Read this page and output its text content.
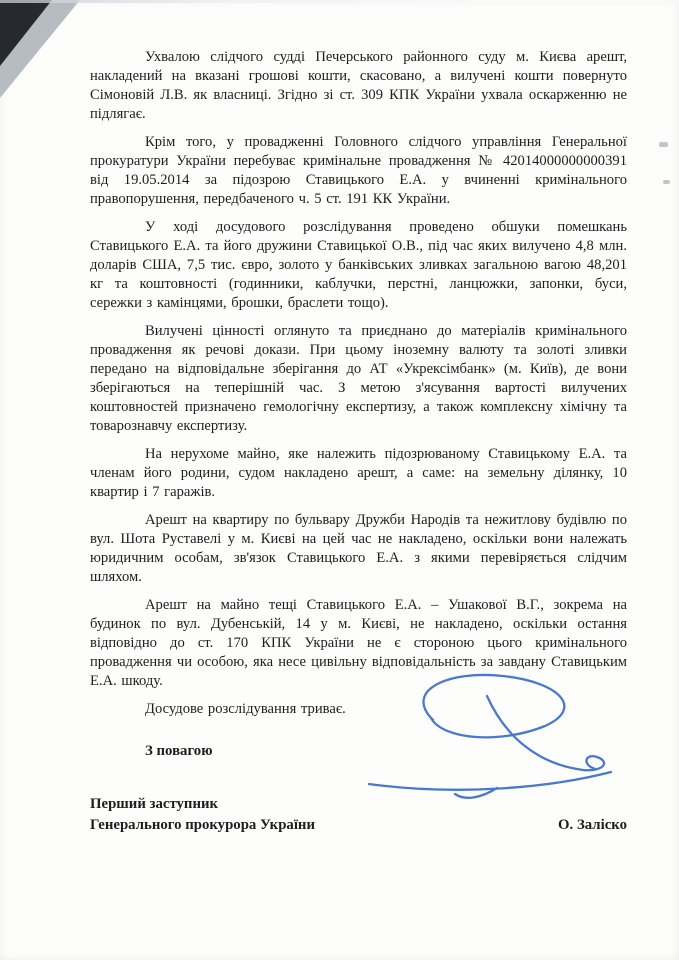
Ухвалою слідчого судді Печерського районного суду м. Києва арешт, накладений на вказані грошові кошти, скасовано, а вилучені кошти повернуто Сімоновій Л.В. як власниці. Згідно зі ст. 309 КПК України ухвала оскарженню не підлягає.

Крім того, у провадженні Головного слідчого управління Генеральної прокуратури України перебуває кримінальне провадження № 42014000000000391 від 19.05.2014 за підозрою Ставицького Е.А. у вчиненні кримінального правопорушення, передбаченого ч. 5 ст. 191 КК України.

У ході досудового розслідування проведено обшуки помешкань Ставицького Е.А. та його дружини Ставицької О.В., під час яких вилучено 4,8 млн. доларів США, 7,5 тис. євро, золото у банківських зливках загальною вагою 48,201 кг та коштовності (годинники, каблучки, перстні, ланцюжки, запонки, буси, сережки з камінцями, брошки, браслети тощо).

Вилучені цінності оглянуто та приєднано до матеріалів кримінального провадження як речові докази. При цьому іноземну валюту та золоті зливки передано на відповідальне зберігання до АТ «Укрексімбанк» (м. Київ), де вони зберігаються на теперішній час. З метою з'ясування вартості вилучених коштовностей призначено гемологічну експертизу, а також комплексну хімічну та товарознавчу експертизу.

На нерухоме майно, яке належить підозрюваному Ставицькому Е.А. та членам його родини, судом накладено арешт, а саме: на земельну ділянку, 10 квартир і 7 гаражів.

Арешт на квартиру по бульвару Дружби Народів та нежитлову будівлю по вул. Шота Руставелі у м. Києві на цей час не накладено, оскільки вони належать юридичним особам, зв'язок Ставицького Е.А. з якими перевіряється слідчим шляхом.

Арешт на майно тещі Ставицького Е.А. – Ушакової В.Г., зокрема на будинок по вул. Дубенській, 14 у м. Києві, не накладено, оскільки остання відповідно до ст. 170 КПК України не є стороною цього кримінального провадження чи особою, яка несе цивільну відповідальність за завдану Ставицьким Е.А. шкоду.

Досудове розслідування триває.

З повагою
Перший заступник
Генерального прокурора України	О. Заліско
